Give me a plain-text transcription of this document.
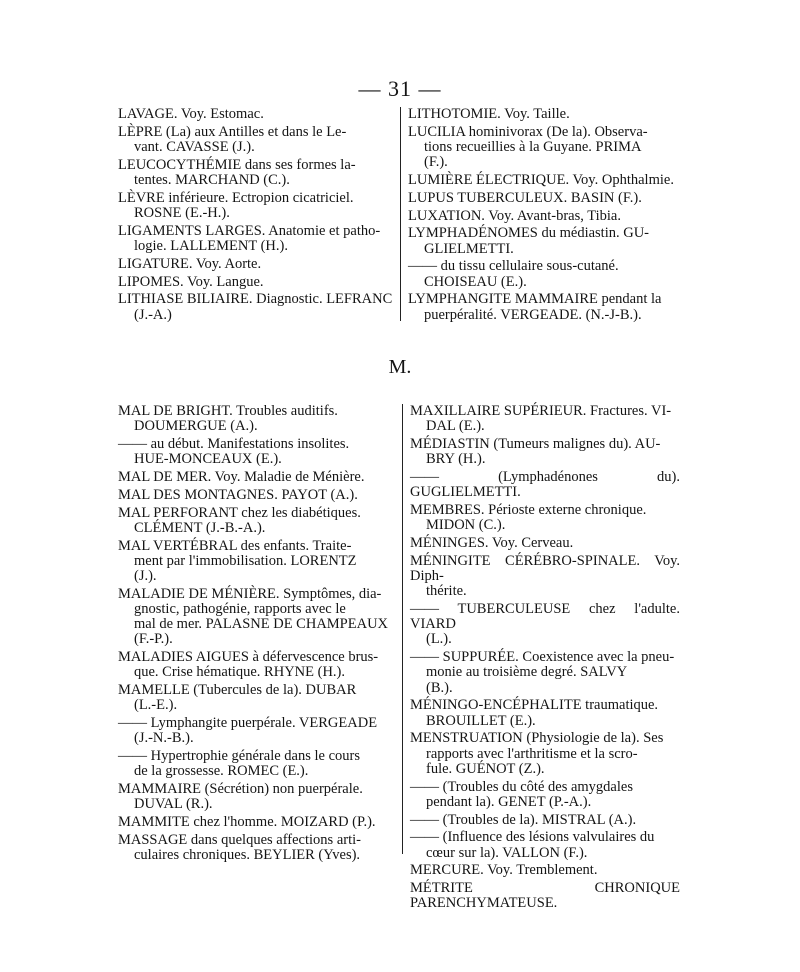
— 31 —
LAVAGE. Voy. Estomac.
LÈPRE (La) aux Antilles et dans le Le-
vant. CAVASSE (J.).
LEUCOCYTHÉMIE dans ses formes la-
tentes. MARCHAND (C.).
LÈVRE inférieure. Ectropion cicatriciel.
ROSNE (E.-H.).
LIGAMENTS LARGES. Anatomie et patho-
logie. LALLEMENT (H.).
LIGATURE. Voy. Aorte.
LIPOMES. Voy. Langue.
LITHIASE BILIAIRE. Diagnostic. LEFRANC
(J.-A.)
LITHOTOMIE. Voy. Taille.
LUCILIA hominivorax (De la). Observa-
tions recueillies à la Guyane. PRIMA
(F.).
LUMIÈRE ÉLECTRIQUE. Voy. Ophthalmie.
LUPUS TUBERCULEUX. BASIN (F.).
LUXATION. Voy. Avant-bras, Tibia.
LYMPHADÉNOMES du médiastin. GU-
GLIELMETTI.
—— du tissu cellulaire sous-cutané.
CHOISEAU (E.).
LYMPHANGITE MAMMAIRE pendant la
puerpéralité. VERGEADE. (N.-J-B.).
M.
MAL DE BRIGHT. Troubles auditifs.
DOUMERGUE (A.).
—— au début. Manifestations insolites.
HUE-MONCEAUX (E.).
MAL DE MER. Voy. Maladie de Ménière.
MAL DES MONTAGNES. PAYOT (A.).
MAL PERFORANT chez les diabétiques.
CLÉMENT (J.-B.-A.).
MAL VERTÉBRAL des enfants. Traite-
ment par l'immobilisation. LORENTZ
(J.).
MALADIE DE MÉNIÈRE. Symptômes, dia-
gnostic, pathogénie, rapports avec le
mal de mer. PALASNE DE CHAMPEAUX
(F.-P.).
MALADIES AIGUES à défervescence brus-
que. Crise hématique. RHYNE (H.).
MAMELLE (Tubercules de la). DUBAR
(L.-E.).
—— Lymphangite puerpérale. VERGEADE
(J.-N.-B.).
—— Hypertrophie générale dans le cours
de la grossesse. ROMEC (E.).
MAMMAIRE (Sécrétion) non puerpérale.
DUVAL (R.).
MAMMITE chez l'homme. MOIZARD (P.).
MASSAGE dans quelques affections arti-
culaires chroniques. BEYLIER (Yves).
MAXILLAIRE SUPÉRIEUR. Fractures. VI-
DAL (E.).
MÉDIASTIN (Tumeurs malignes du). AU-
BRY (H.).
—— (Lymphadénones du). GUGLIELMETTI.
MEMBRES. Périoste externe chronique.
MIDON (C.).
MÉNINGES. Voy. Cerveau.
MÉNINGITE CÉRÉBRO-SPINALE. Voy. Diph-
thérite.
—— TUBERCULEUSE chez l'adulte. VIARD
(L.).
—— SUPPURÉE. Coexistence avec la pneu-
monie au troisième degré. SALVY
(B.).
MÉNINGO-ENCÉPHALITE traumatique.
BROUILLET (E.).
MENSTRUATION (Physiologie de la). Ses
rapports avec l'arthritisme et la scro-
fule. GUÉNOT (Z.).
—— (Troubles du côté des amygdales
pendant la). GENET (P.-A.).
—— (Troubles de la). MISTRAL (A.).
—— (Influence des lésions valvulaires du
cœur sur la). VALLON (F.).
MERCURE. Voy. Tremblement.
MÉTRITE CHRONIQUE PARENCHYMATEUSE.
